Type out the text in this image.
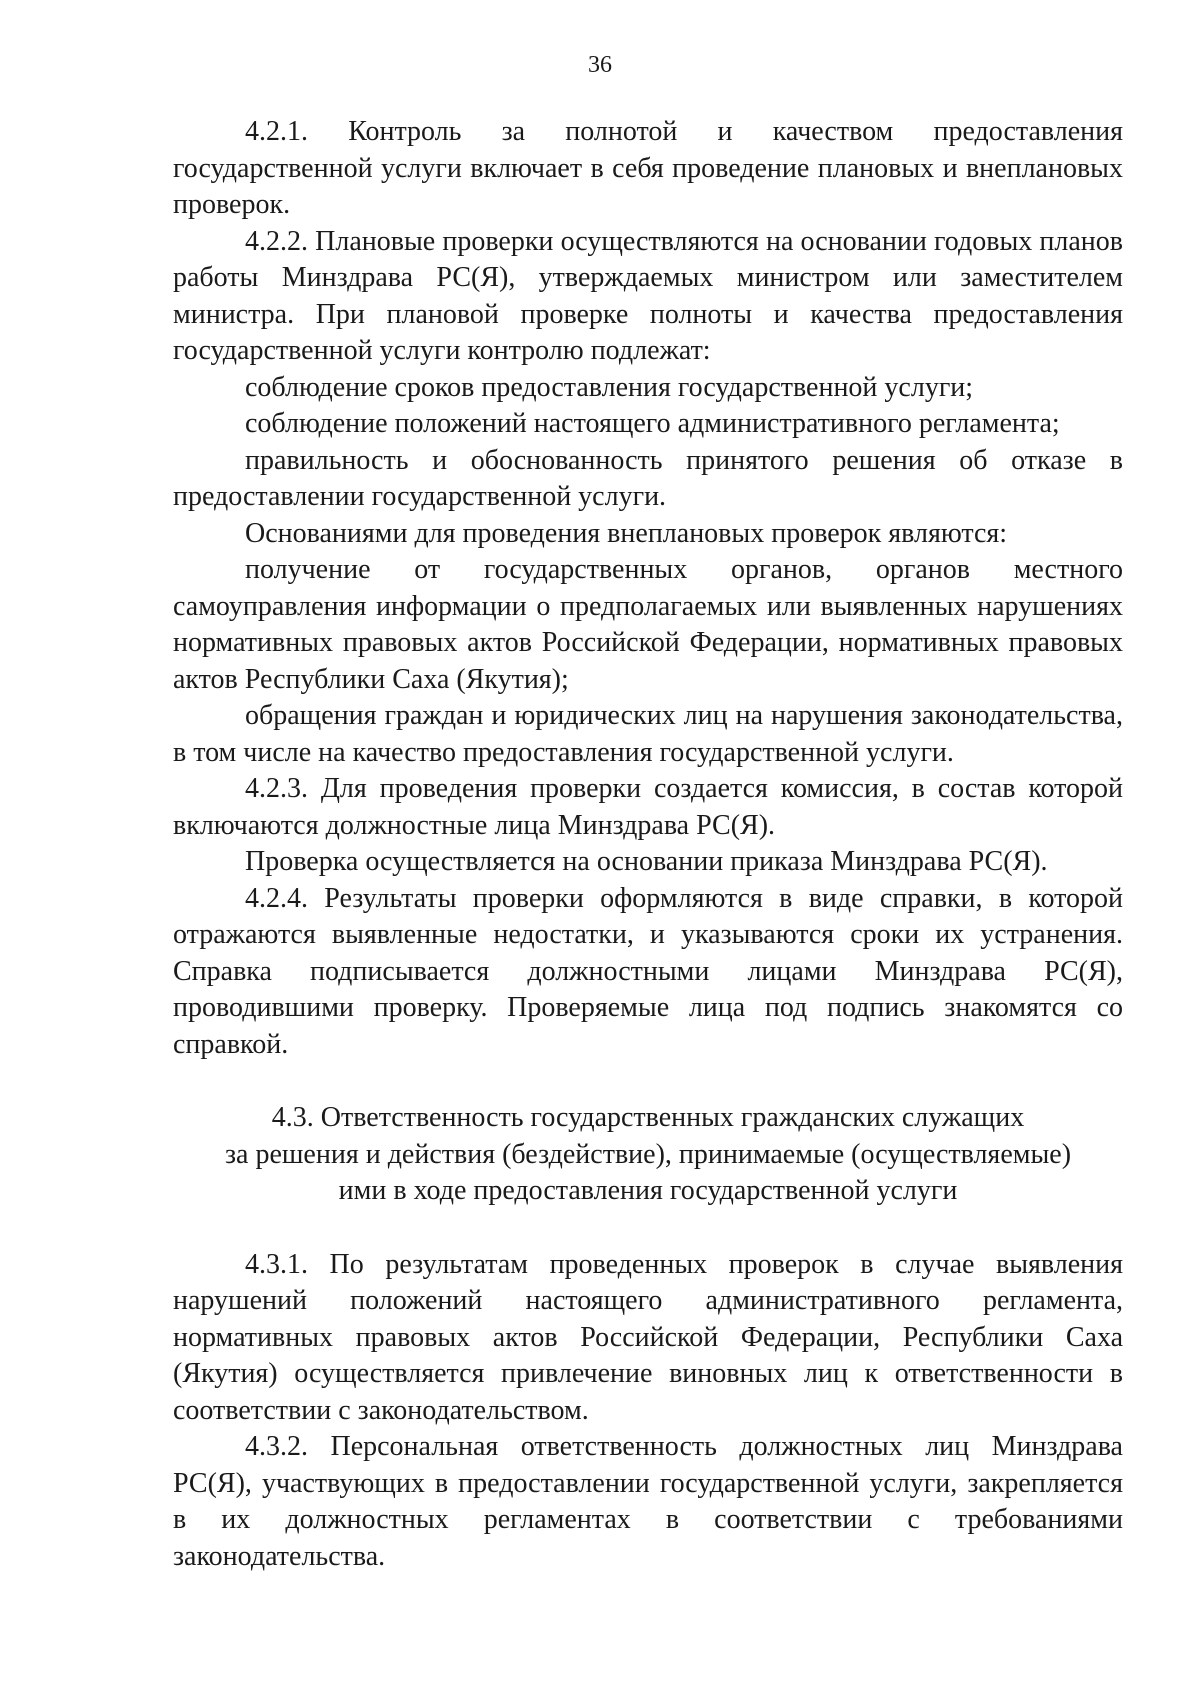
36

4.2.1. Контроль за полнотой и качеством предоставления государственной услуги включает в себя проведение плановых и внеплановых проверок.

4.2.2. Плановые проверки осуществляются на основании годовых планов работы Минздрава РС(Я), утверждаемых министром или заместителем министра. При плановой проверке полноты и качества предоставления государственной услуги контролю подлежат:

соблюдение сроков предоставления государственной услуги;

соблюдение положений настоящего административного регламента;

правильность и обоснованность принятого решения об отказе в предоставлении государственной услуги.

Основаниями для проведения внеплановых проверок являются:

получение от государственных органов, органов местного самоуправления информации о предполагаемых или выявленных нарушениях нормативных правовых актов Российской Федерации, нормативных правовых актов Республики Саха (Якутия);

обращения граждан и юридических лиц на нарушения законодательства, в том числе на качество предоставления государственной услуги.

4.2.3. Для проведения проверки создается комиссия, в состав которой включаются должностные лица Минздрава РС(Я).

Проверка осуществляется на основании приказа Минздрава РС(Я).

4.2.4. Результаты проверки оформляются в виде справки, в которой отражаются выявленные недостатки, и указываются сроки их устранения. Справка подписывается должностными лицами Минздрава РС(Я), проводившими проверку. Проверяемые лица под подпись знакомятся со справкой.

4.3. Ответственность государственных гражданских служащих
за решения и действия (бездействие), принимаемые (осуществляемые)
ими в ходе предоставления государственной услуги

4.3.1. По результатам проведенных проверок в случае выявления нарушений положений настоящего административного регламента, нормативных правовых актов Российской Федерации, Республики Саха (Якутия) осуществляется привлечение виновных лиц к ответственности в соответствии с законодательством.

4.3.2. Персональная ответственность должностных лиц Минздрава РС(Я), участвующих в предоставлении государственной услуги, закрепляется в их должностных регламентах в соответствии с требованиями законодательства.
